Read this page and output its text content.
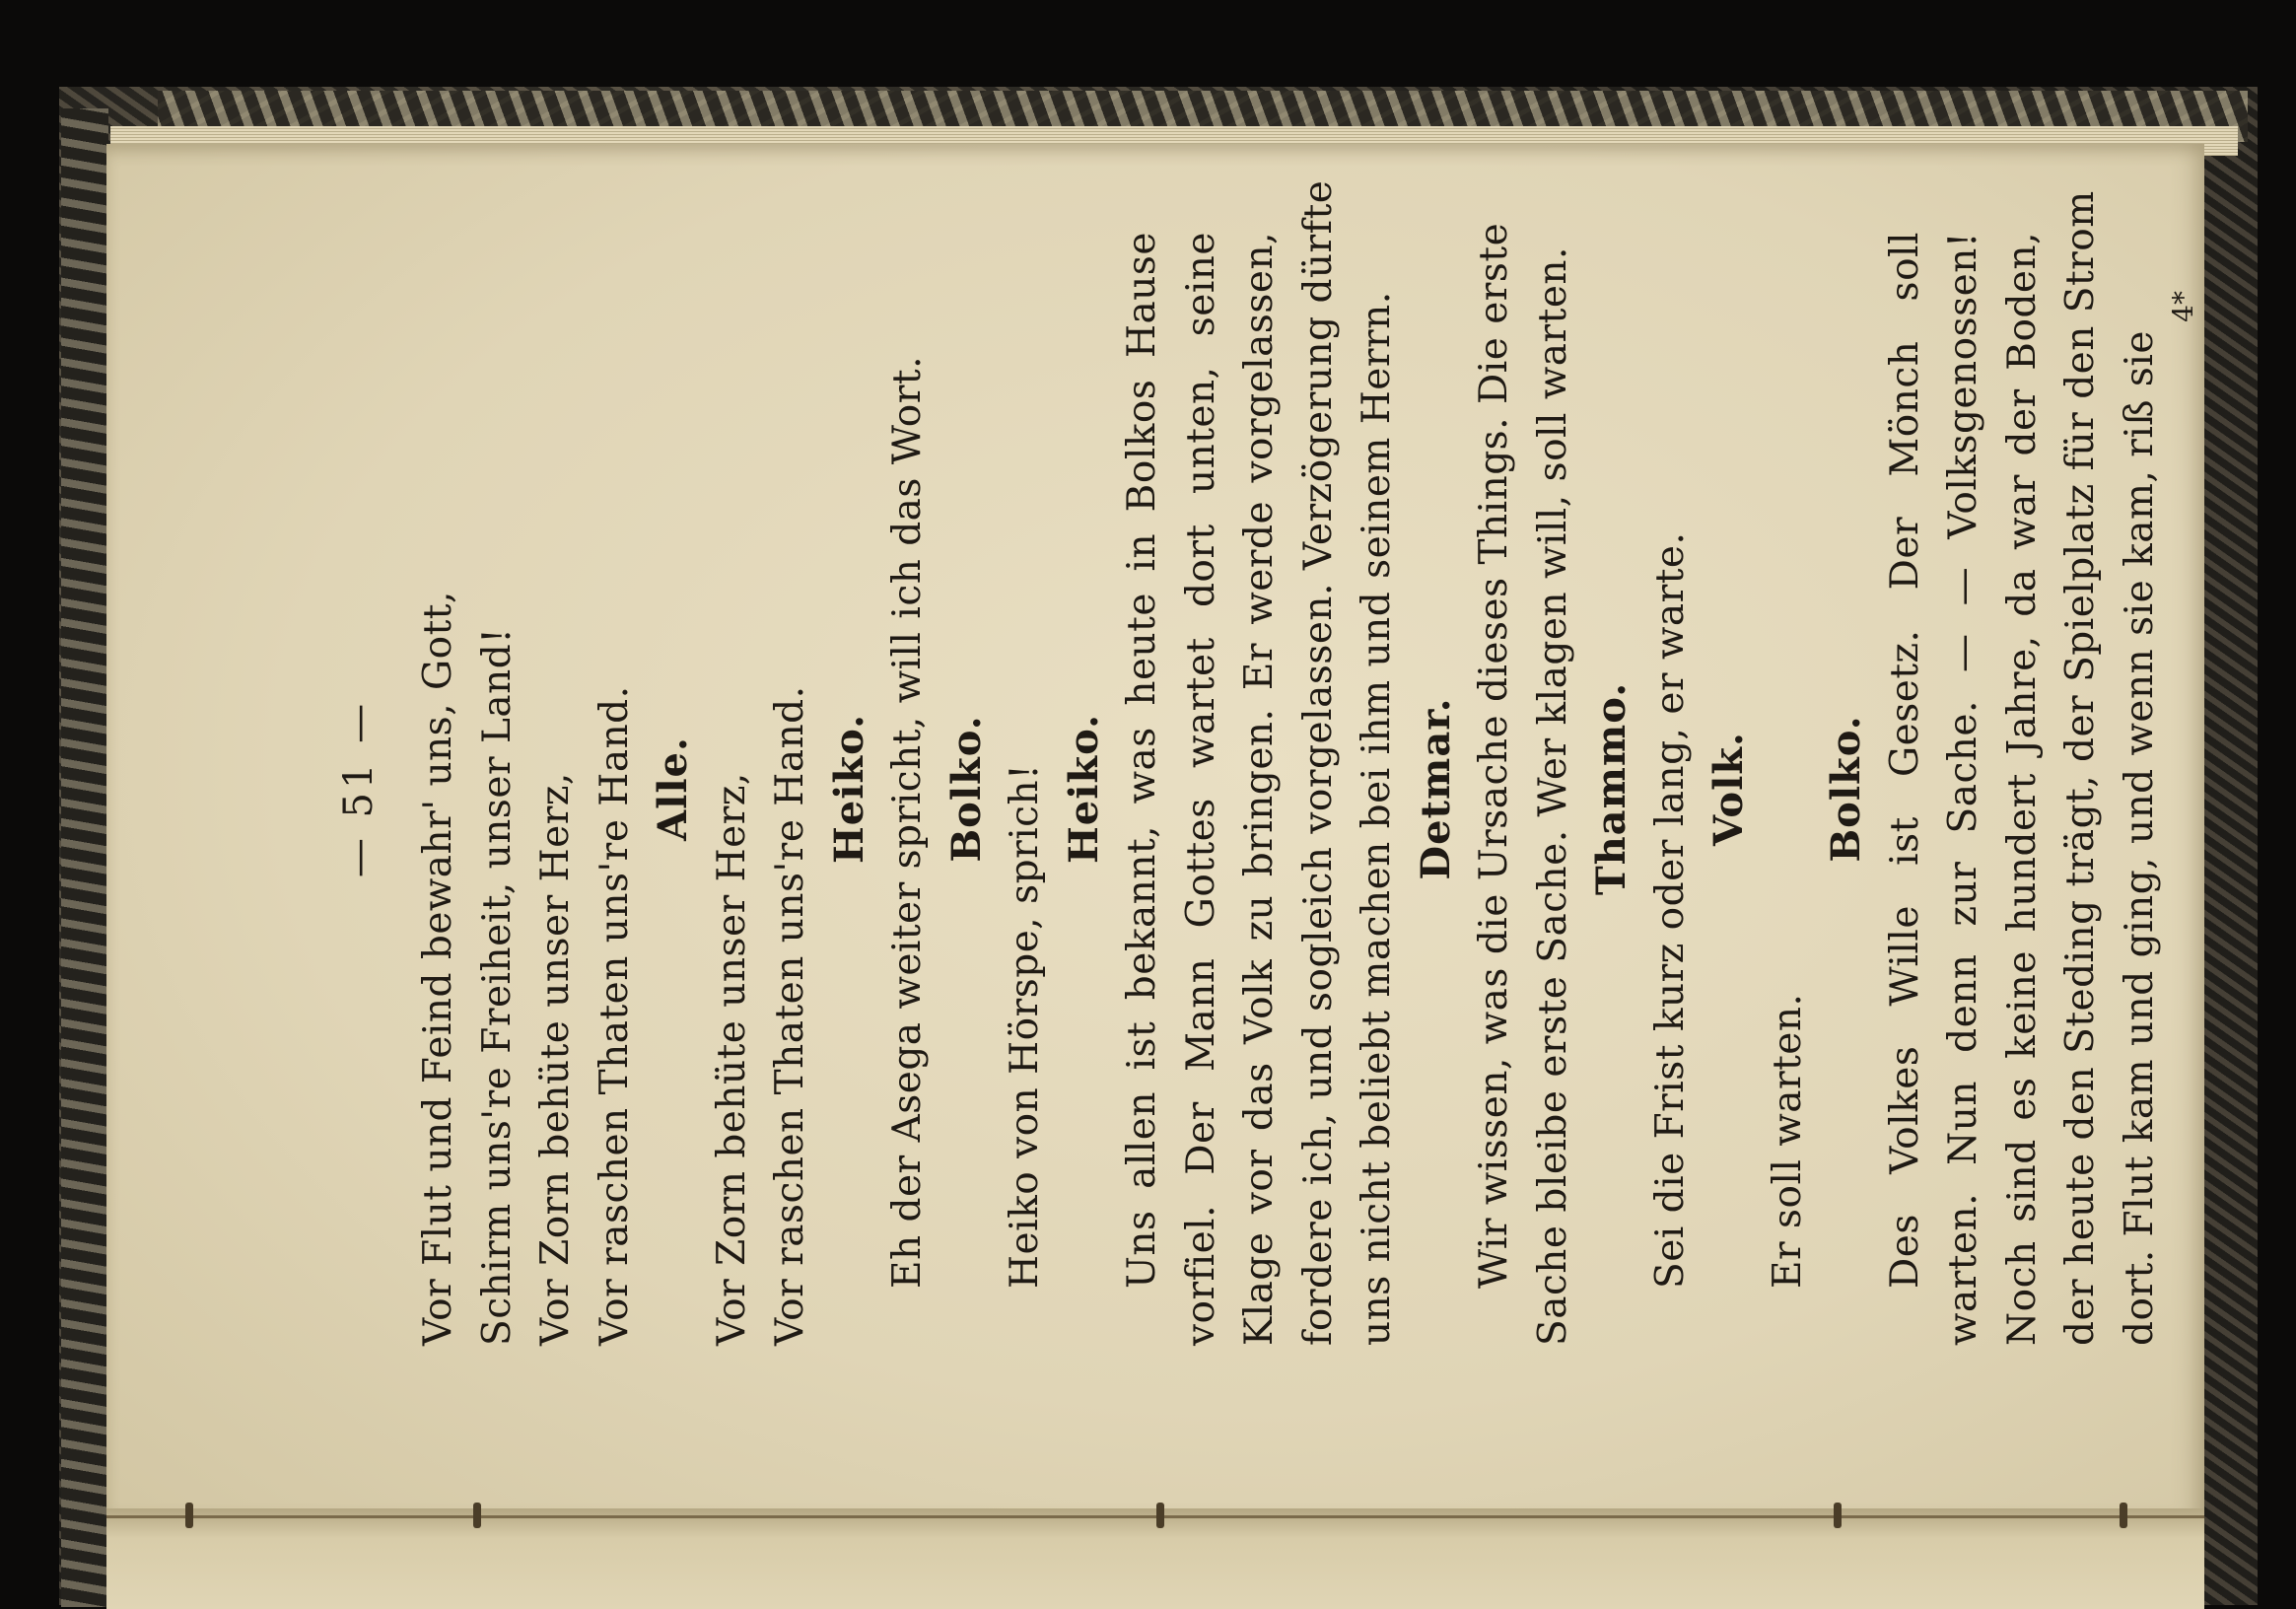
— 51 — Vor Flut und Feind bewahr' uns, Gott, Schirm uns're Freiheit, unser Land! Vor Zorn behüte unser Herz, Vor raschen Thaten uns're Hand. Alle. Vor Zorn behüte unser Herz, Vor raschen Thaten uns're Hand. Heiko. Eh der Asega weiter spricht, will ich das Wort. Bolko. Heiko von Hörspe, sprich! Heiko. Uns allen ist bekannt, was heute in Bolkos Hause vorfiel. Der Mann Gottes wartet dort unten, seine Klage vor das Volk zu bringen. Er werde vorgelassen, fordere ich, und sogleich vorgelassen. Verzögerung dürfte uns nicht beliebt machen bei ihm und seinem Herrn. Detmar. Wir wissen, was die Ursache dieses Things. Die erste Sache bleibe erste Sache. Wer klagen will, soll warten. Thammo. Sei die Frist kurz oder lang, er warte. Volk.
Er soll warten.
Bolko. Des Volkes Wille ist Gesetz. Der Mönch soll warten. Nun denn zur Sache. — — Volksgenossen! Noch sind es keine hundert Jahre, da war der Boden, der heute den Steding trägt, der Spielplatz für den Strom dort. Flut kam und ging, und wenn sie kam, riß sie
4*
